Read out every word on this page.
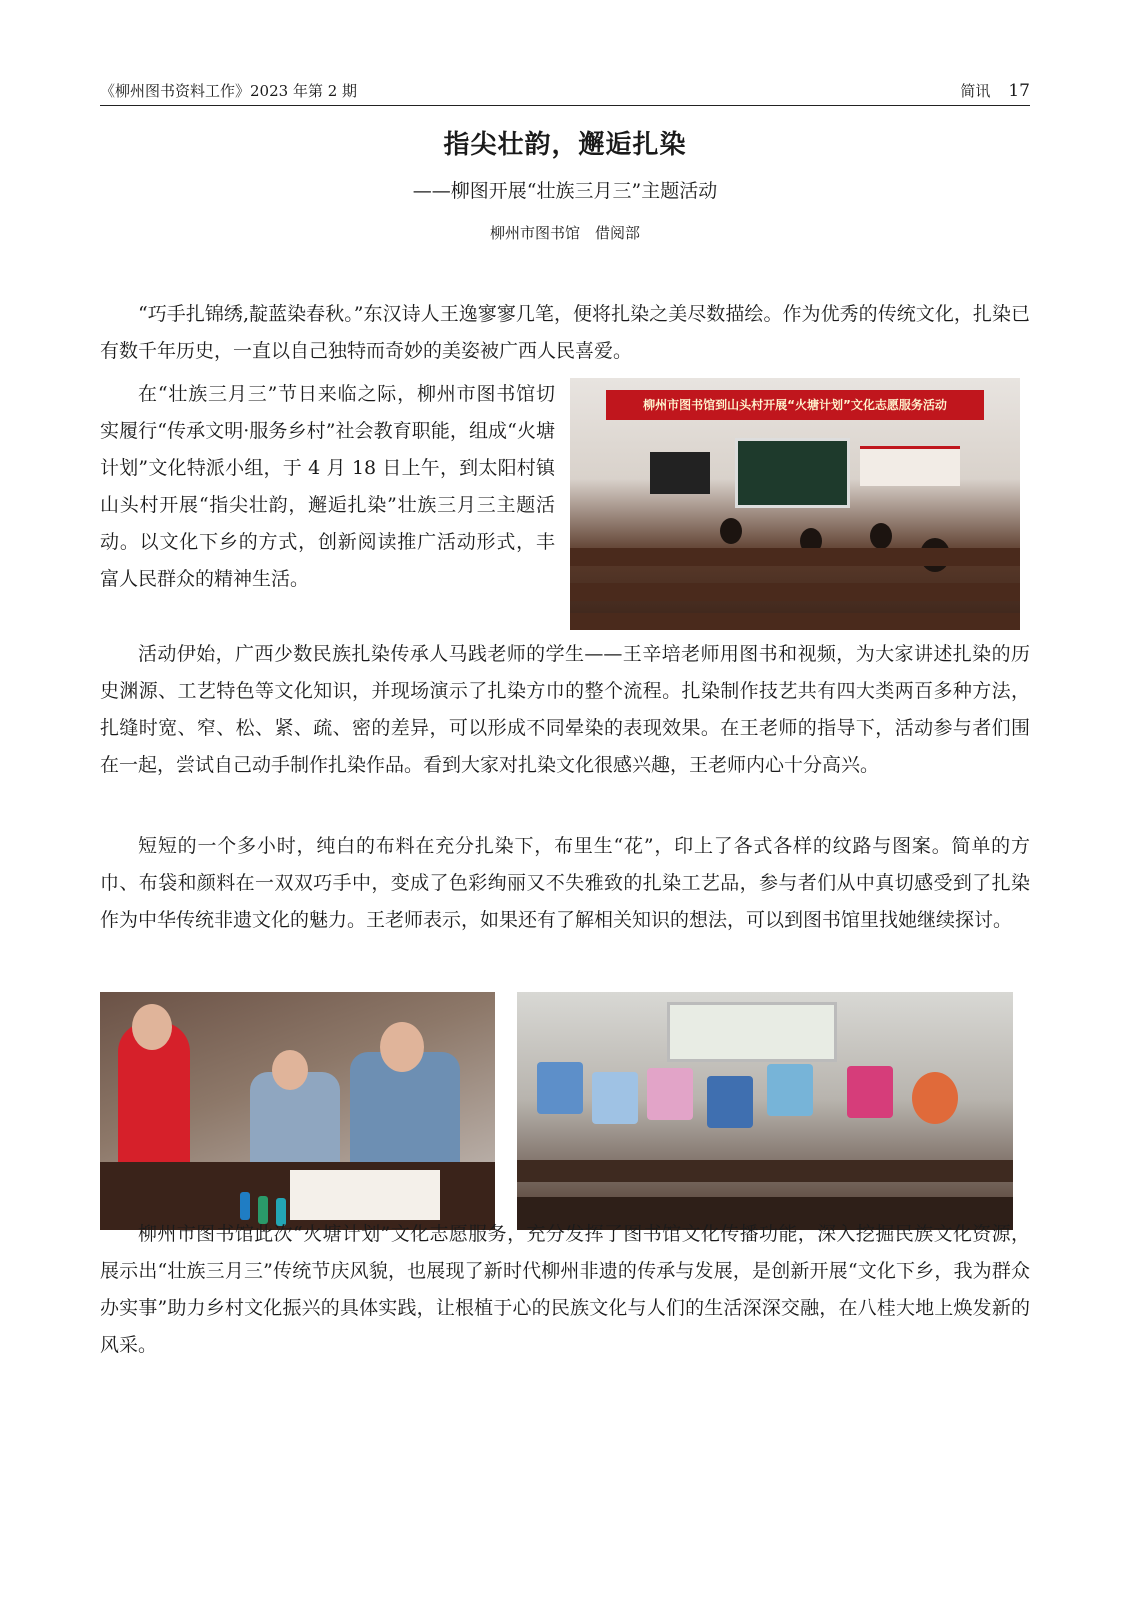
《柳州图书资料工作》2023 年第 2 期	简讯 17
指尖壮韵，邂逅扎染
——柳图开展“壮族三月三”主题活动
柳州市图书馆　借阅部

“巧手扎锦绣,靛蓝染春秋。”东汉诗人王逸寥寥几笔，便将扎染之美尽数描绘。作为优秀的传统文化，扎染已有数千年历史，一直以自己独特而奇妙的美姿被广西人民喜爱。

在“壮族三月三”节日来临之际，柳州市图书馆切实履行“传承文明·服务乡村”社会教育职能，组成“火塘计划”文化特派小组，于 4 月 18 日上午，到太阳村镇山头村开展“指尖壮韵，邂逅扎染”壮族三月三主题活动。以文化下乡的方式，创新阅读推广活动形式，丰富人民群众的精神生活。

柳州市图书馆到山头村开展“火塘计划”文化志愿服务活动

活动伊始，广西少数民族扎染传承人马践老师的学生——王辛培老师用图书和视频，为大家讲述扎染的历史渊源、工艺特色等文化知识，并现场演示了扎染方巾的整个流程。扎染制作技艺共有四大类两百多种方法，扎缝时宽、窄、松、紧、疏、密的差异，可以形成不同晕染的表现效果。在王老师的指导下，活动参与者们围在一起，尝试自己动手制作扎染作品。看到大家对扎染文化很感兴趣，王老师内心十分高兴。

短短的一个多小时，纯白的布料在充分扎染下，布里生“花”，印上了各式各样的纹路与图案。简单的方巾、布袋和颜料在一双双巧手中，变成了色彩绚丽又不失雅致的扎染工艺品，参与者们从中真切感受到了扎染作为中华传统非遗文化的魅力。王老师表示，如果还有了解相关知识的想法，可以到图书馆里找她继续探讨。

柳州市图书馆此次“火塘计划”文化志愿服务，充分发挥了图书馆文化传播功能，深入挖掘民族文化资源，展示出“壮族三月三”传统节庆风貌，也展现了新时代柳州非遗的传承与发展，是创新开展“文化下乡，我为群众办实事”助力乡村文化振兴的具体实践，让根植于心的民族文化与人们的生活深深交融，在八桂大地上焕发新的风采。
